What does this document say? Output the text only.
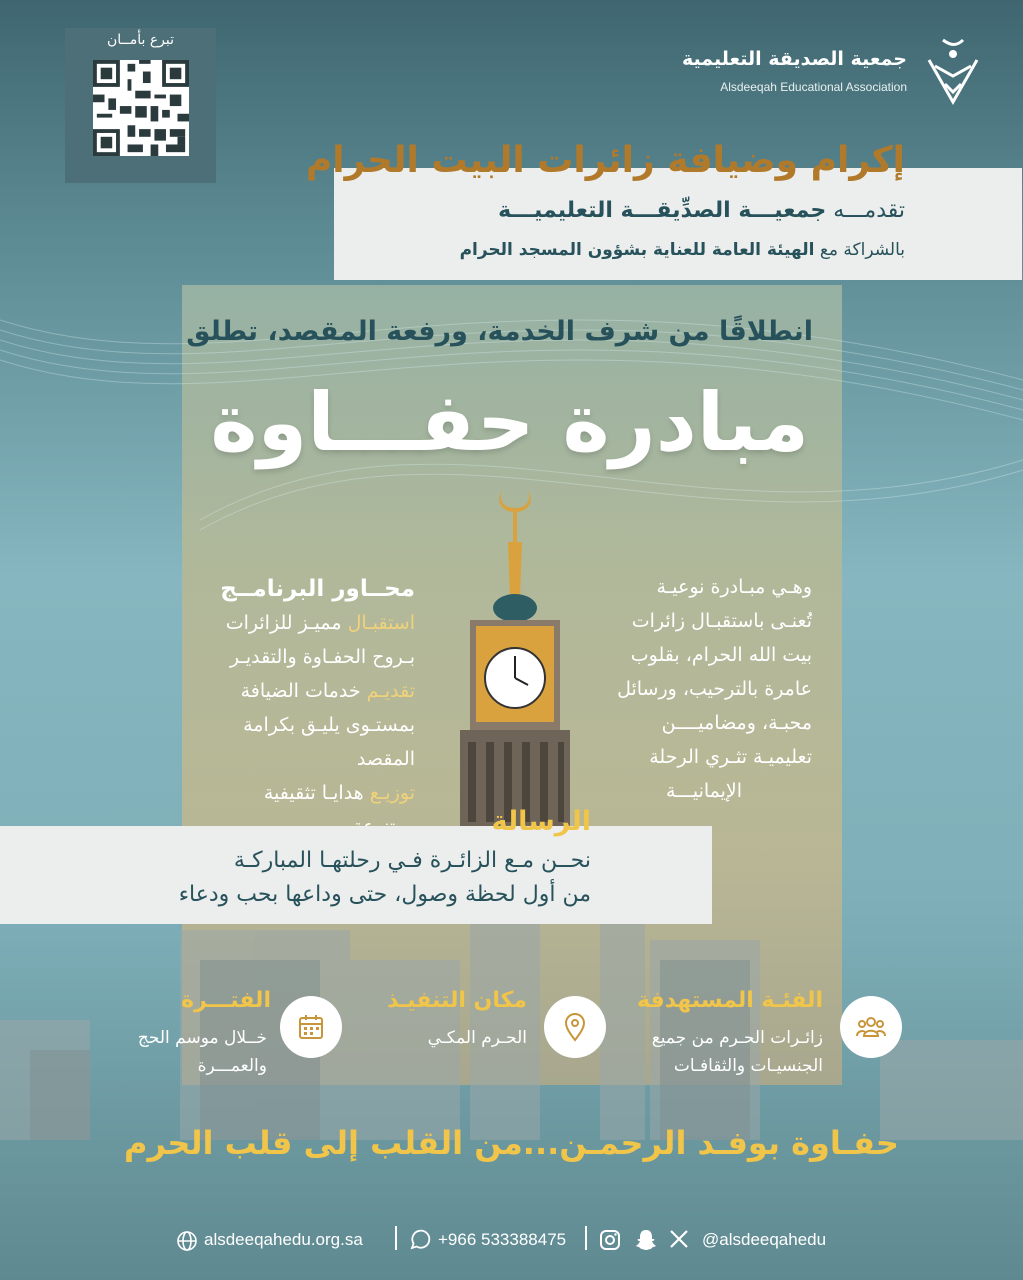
تبرع بأمــان
جمعية الصديقة التعليمية
Alsdeeqah Educational Association
إكرام وضيافة زائرات البيت الحرام
تقدمـــه جمعيـــة الصدِّيقـــة التعليميـــة
بالشراكة مع الهيئة العامة للعناية بشؤون المسجد الحرام
انطلاقًا من شرف الخدمة، ورفعة المقصد، تطلق
مبادرة حفـــاوة
وهـي مبـادرة نوعيـة
تُعنـى باستقبـال زائرات
بيت الله الحرام، بقلوب
عامرة بالترحيب، ورسائل
محبـة، ومضاميــــن
تعليميـة تثـري الرحلة
الإيمانيـــة
محــاور البرنامــج
استقبـال مميـز للزائرات
بـروح الحفـاوة والتقديـر
تقديـم خدمات الضيافة
بمستـوى يليـق بكرامة
المقصد
توزيـع هدايـا تثقيفية
الرسالة
نحــن مـع الزائـرة فـي رحلتهـا المباركـة
من أول لحظة وصول، حتى وداعها بحب ودعاء
الفئـة المستهدفة
زائـرات الحـرم من جميع
الجنسيـات والثقافـات
مكان التنفيـذ
الحـرم المكـي
الفتـــرة
خــلال موسم الحج
والعمـــرة
حفـاوة بوفـد الرحمـن...من القلب إلى قلب الحرم
alsdeeqahedu.org.sa	+966 533388475	@alsdeeqahedu
